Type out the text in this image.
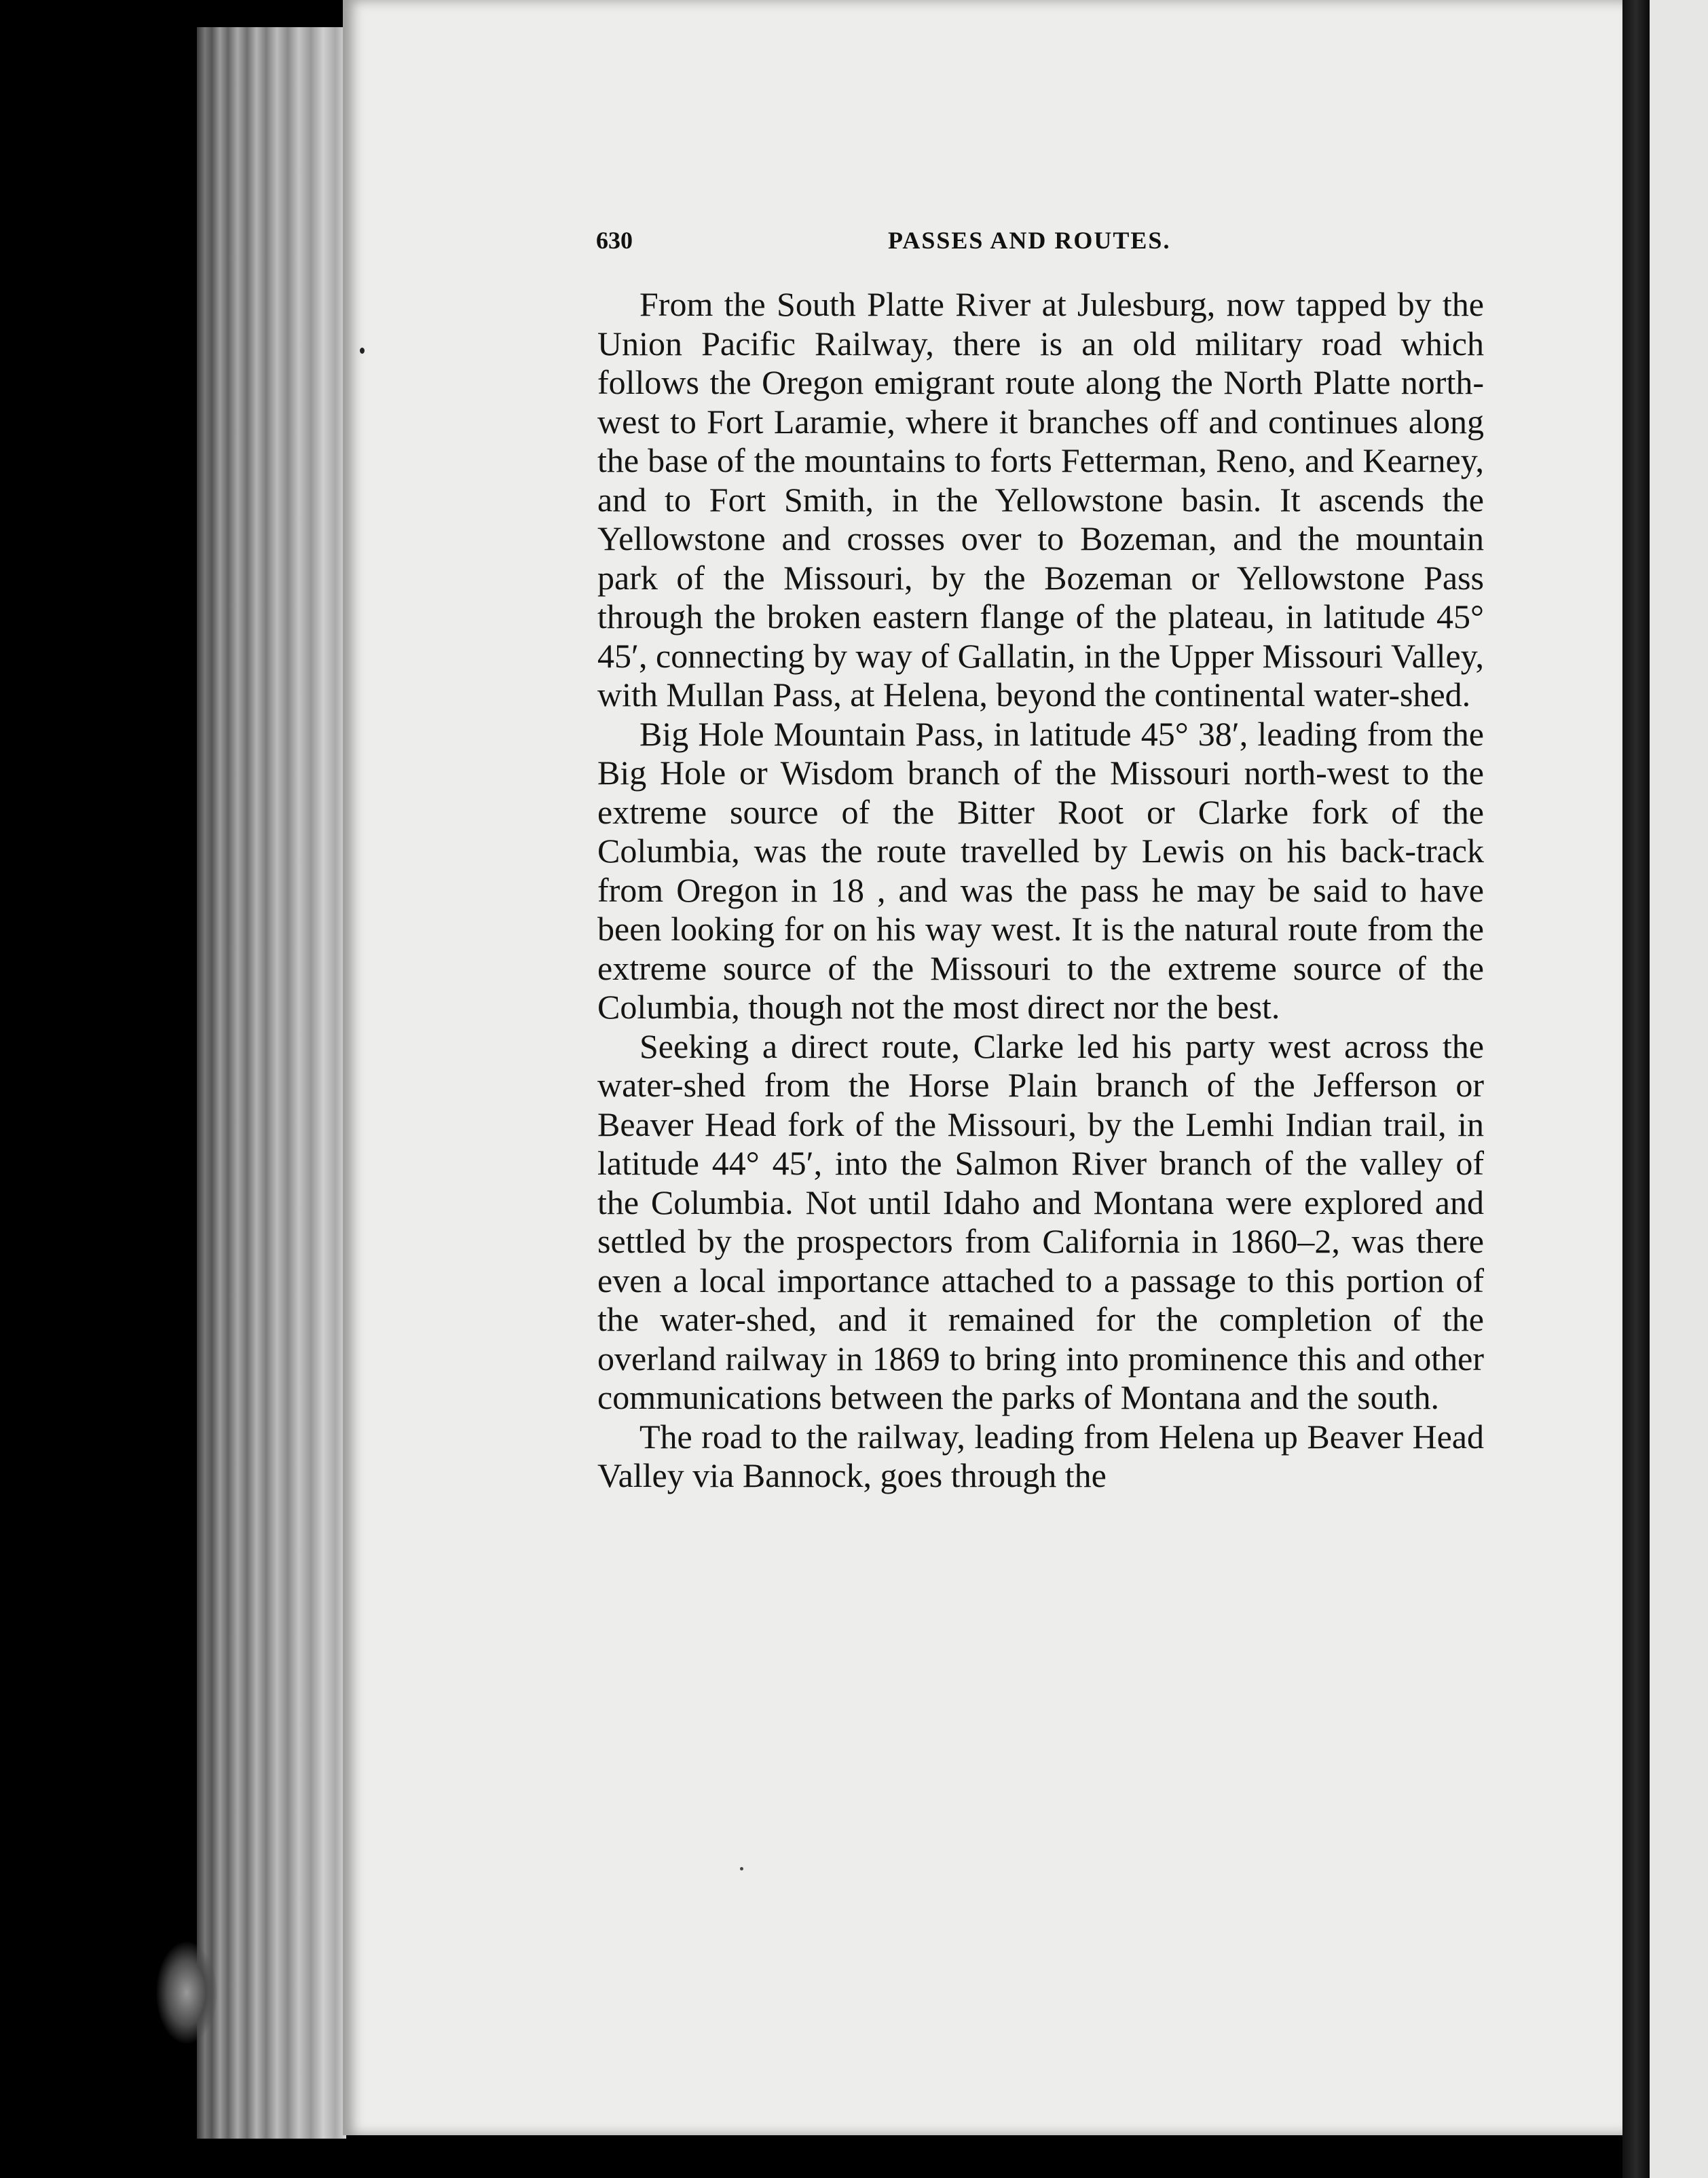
630	PASSES AND ROUTES.

From the South Platte River at Julesburg, now tapped by the Union Pacific Railway, there is an old military road which follows the Oregon emigrant route along the North Platte north-west to Fort Laramie, where it branches off and continues along the base of the mountains to forts Fetterman, Reno, and Kearney, and to Fort Smith, in the Yellowstone basin. It ascends the Yellowstone and crosses over to Bozeman, and the mountain park of the Missouri, by the Bozeman or Yellowstone Pass through the broken eastern flange of the plateau, in latitude 45° 45′, connecting by way of Gallatin, in the Upper Missouri Valley, with Mullan Pass, at Helena, beyond the continental water-shed.

Big Hole Mountain Pass, in latitude 45° 38′, leading from the Big Hole or Wisdom branch of the Missouri north-west to the extreme source of the Bitter Root or Clarke fork of the Columbia, was the route travelled by Lewis on his back-track from Oregon in 18 , and was the pass he may be said to have been looking for on his way west. It is the natural route from the extreme source of the Missouri to the extreme source of the Columbia, though not the most direct nor the best.

Seeking a direct route, Clarke led his party west across the water-shed from the Horse Plain branch of the Jefferson or Beaver Head fork of the Missouri, by the Lemhi Indian trail, in latitude 44° 45′, into the Salmon River branch of the valley of the Columbia. Not until Idaho and Montana were explored and settled by the prospectors from California in 1860–2, was there even a local importance attached to a passage to this portion of the water-shed, and it remained for the completion of the overland railway in 1869 to bring into prominence this and other communications between the parks of Montana and the south.

The road to the railway, leading from Helena up Beaver Head Valley via Bannock, goes through the
